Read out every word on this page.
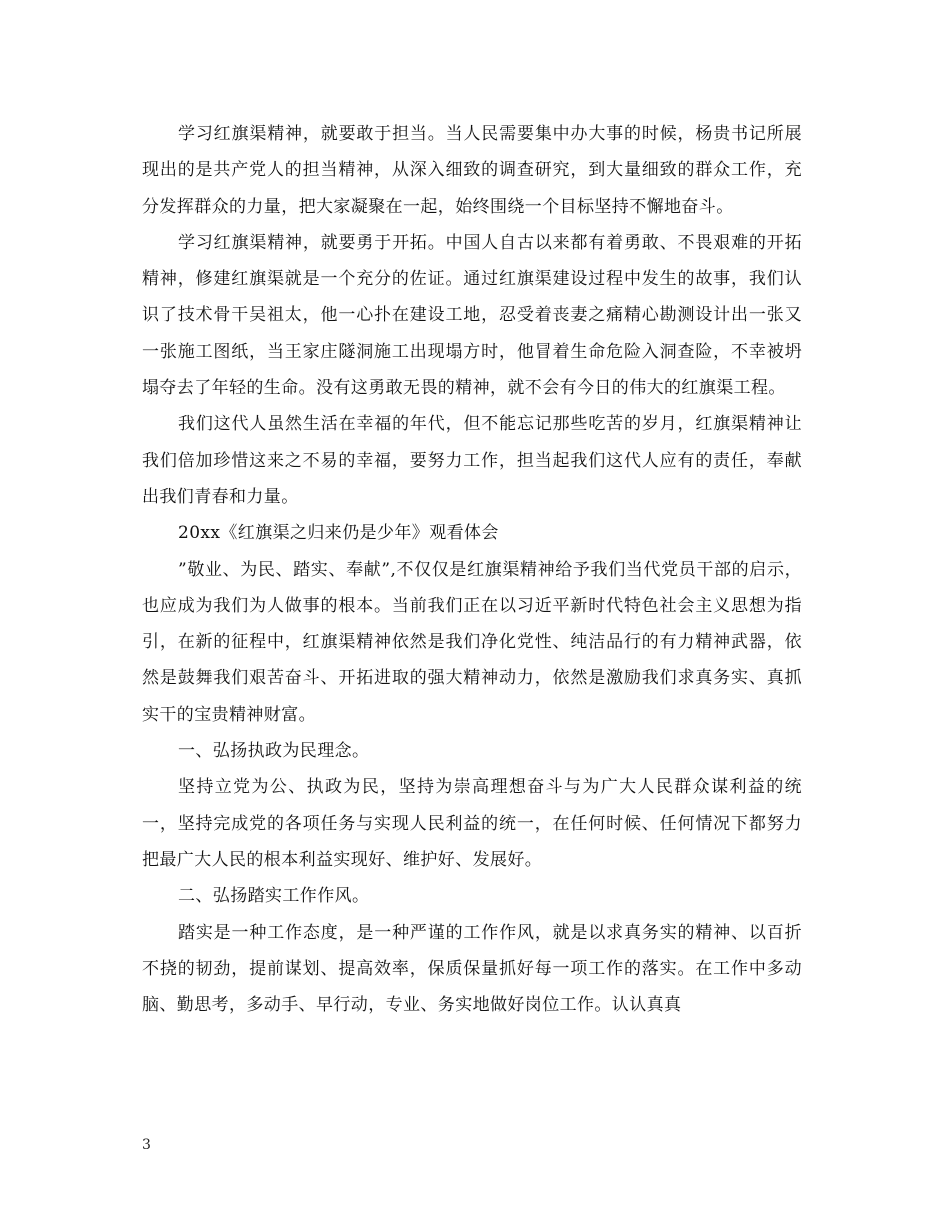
学习红旗渠精神，就要敢于担当。当人民需要集中办大事的时候，杨贵书记所展现出的是共产党人的担当精神，从深入细致的调查研究，到大量细致的群众工作，充分发挥群众的力量，把大家凝聚在一起，始终围绕一个目标坚持不懈地奋斗。

学习红旗渠精神，就要勇于开拓。中国人自古以来都有着勇敢、不畏艰难的开拓精神，修建红旗渠就是一个充分的佐证。通过红旗渠建设过程中发生的故事，我们认识了技术骨干吴祖太，他一心扑在建设工地，忍受着丧妻之痛精心勘测设计出一张又一张施工图纸，当王家庄隧洞施工出现塌方时，他冒着生命危险入洞查险，不幸被坍塌夺去了年轻的生命。没有这勇敢无畏的精神，就不会有今日的伟大的红旗渠工程。

我们这代人虽然生活在幸福的年代，但不能忘记那些吃苦的岁月，红旗渠精神让我们倍加珍惜这来之不易的幸福，要努力工作，担当起我们这代人应有的责任，奉献出我们青春和力量。

20xx《红旗渠之归来仍是少年》观看体会

”敬业、为民、踏实、奉献”,不仅仅是红旗渠精神给予我们当代党员干部的启示，也应成为我们为人做事的根本。当前我们正在以习近平新时代特色社会主义思想为指引，在新的征程中，红旗渠精神依然是我们净化党性、纯洁品行的有力精神武器，依然是鼓舞我们艰苦奋斗、开拓进取的强大精神动力，依然是激励我们求真务实、真抓实干的宝贵精神财富。

一、弘扬执政为民理念。

坚持立党为公、执政为民，坚持为崇高理想奋斗与为广大人民群众谋利益的统一，坚持完成党的各项任务与实现人民利益的统一，在任何时候、任何情况下都努力把最广大人民的根本利益实现好、维护好、发展好。

二、弘扬踏实工作作风。

踏实是一种工作态度，是一种严谨的工作作风，就是以求真务实的精神、以百折不挠的韧劲，提前谋划、提高效率，保质保量抓好每一项工作的落实。在工作中多动脑、勤思考，多动手、早行动，专业、务实地做好岗位工作。认认真真

3
